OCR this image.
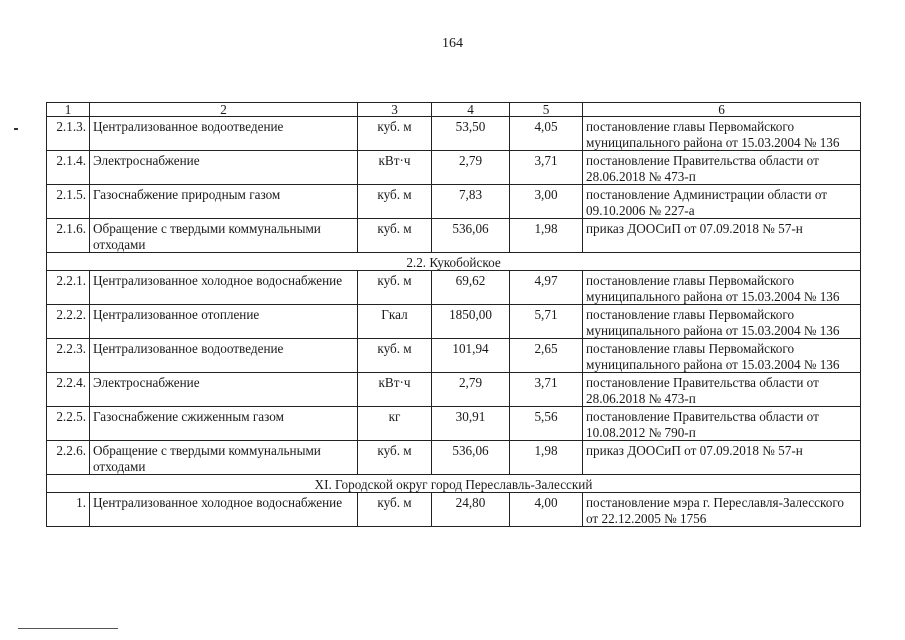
164
1	2	3	4	5	6
2.1.3.	Централизованное водоотведение	куб. м	53,50	4,05	постановление главы Первомайского муниципального района от 15.03.2004 № 136
2.1.4.	Электроснабжение	кВт·ч	2,79	3,71	постановление Правительства области от 28.06.2018 № 473-п
2.1.5.	Газоснабжение природным газом	куб. м	7,83	3,00	постановление Администрации области от 09.10.2006 № 227-а
2.1.6.	Обращение с твердыми коммунальными отходами	куб. м	536,06	1,98	приказ ДООСиП от 07.09.2018 № 57-н
2.2. Кукобойское					
2.2.1.	Централизованное холодное водоснабжение	куб. м	69,62	4,97	постановление главы Первомайского муниципального района от 15.03.2004 № 136
2.2.2.	Централизованное отопление	Гкал	1850,00	5,71	постановление главы Первомайского муниципального района от 15.03.2004 № 136
2.2.3.	Централизованное водоотведение	куб. м	101,94	2,65	постановление главы Первомайского муниципального района от 15.03.2004 № 136
2.2.4.	Электроснабжение	кВт·ч	2,79	3,71	постановление Правительства области от 28.06.2018 № 473-п
2.2.5.	Газоснабжение сжиженным газом	кг	30,91	5,56	постановление Правительства области от 10.08.2012 № 790-п
2.2.6.	Обращение с твердыми коммунальными отходами	куб. м	536,06	1,98	приказ ДООСиП от 07.09.2018 № 57-н
XI. Городской округ город Переславль-Залесский					
1.	Централизованное холодное водоснабжение	куб. м	24,80	4,00	постановление мэра г. Переславля-Залесского от 22.12.2005 № 1756
